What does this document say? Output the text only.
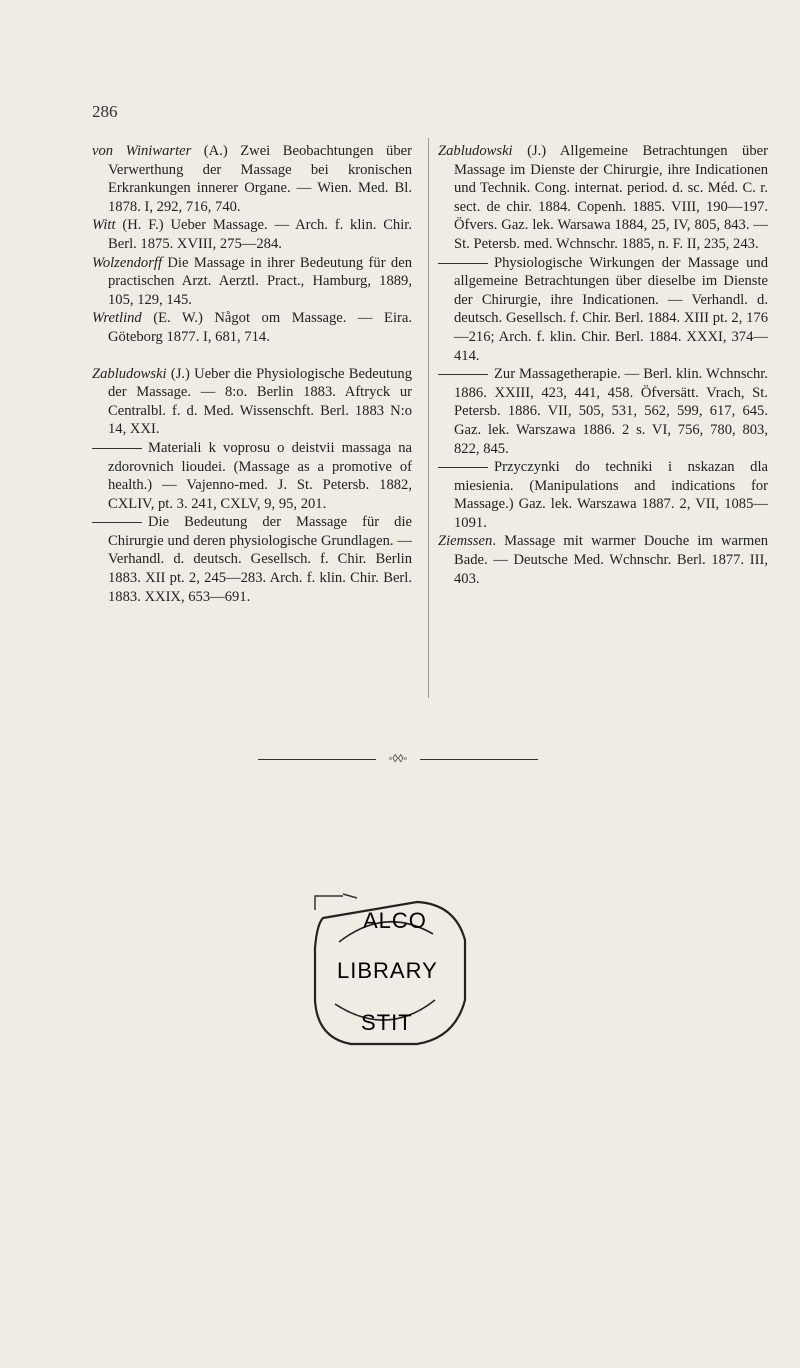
286

von Winiwarter (A.) Zwei Beobachtungen über Verwerthung der Massage bei kronischen Erkrankungen innerer Organe. — Wien. Med. Bl. 1878. I, 292, 716, 740.

Witt (H. F.) Ueber Massage. — Arch. f. klin. Chir. Berl. 1875. XVIII, 275—284.

Wolzendorff Die Massage in ihrer Bedeutung für den practischen Arzt. Aerztl. Pract., Hamburg, 1889, 105, 129, 145.

Wretlind (E. W.) Något om Massage. — Eira. Göteborg 1877. I, 681, 714.

Zabludowski (J.) Ueber die Physiologische Bedeutung der Massage. — 8:o. Berlin 1883. Aftryck ur Centralbl. f. d. Med. Wissenschft. Berl. 1883 N:o 14, XXI.

Materiali k voprosu o deistvii massaga na zdorovnich lioudei. (Massage as a promotive of health.) — Vajenno-med. J. St. Petersb. 1882, CXLIV, pt. 3. 241, CXLV, 9, 95, 201.

Die Bedeutung der Massage für die Chirurgie und deren physiologische Grundlagen. — Verhandl. d. deutsch. Gesellsch. f. Chir. Berlin 1883. XII pt. 2, 245—283. Arch. f. klin. Chir. Berl. 1883. XXIX, 653—691.

Zabludowski (J.) Allgemeine Betrachtungen über Massage im Dienste der Chirurgie, ihre Indicationen und Technik. Cong. internat. period. d. sc. Méd. C. r. sect. de chir. 1884. Copenh. 1885. VIII, 190—197. Öfvers. Gaz. lek. Warsawa 1884, 25, IV, 805, 843. — St. Petersb. med. Wchnschr. 1885, n. F. II, 235, 243.

Physiologische Wirkungen der Massage und allgemeine Betrachtungen über dieselbe im Dienste der Chirurgie, ihre Indicationen. — Verhandl. d. deutsch. Gesellsch. f. Chir. Berl. 1884. XIII pt. 2, 176—216; Arch. f. klin. Chir. Berl. 1884. XXXI, 374—414.

Zur Massagetherapie. — Berl. klin. Wchnschr. 1886. XXIII, 423, 441, 458. Öfversätt. Vrach, St. Petersb. 1886. VII, 505, 531, 562, 599, 617, 645. Gaz. lek. Warszawa 1886. 2 s. VI, 756, 780, 803, 822, 845.

Przyczynki do techniki i nskazan dla miesienia. (Manipulations and indications for Massage.) Gaz. lek. Warszawa 1887. 2, VII, 1085—1091.

Ziemssen. Massage mit warmer Douche im warmen Bade. — Deutsche Med. Wchnschr. Berl. 1877. III, 403.

◦◊◊◦
ALCO
LIBRARY
STIT
